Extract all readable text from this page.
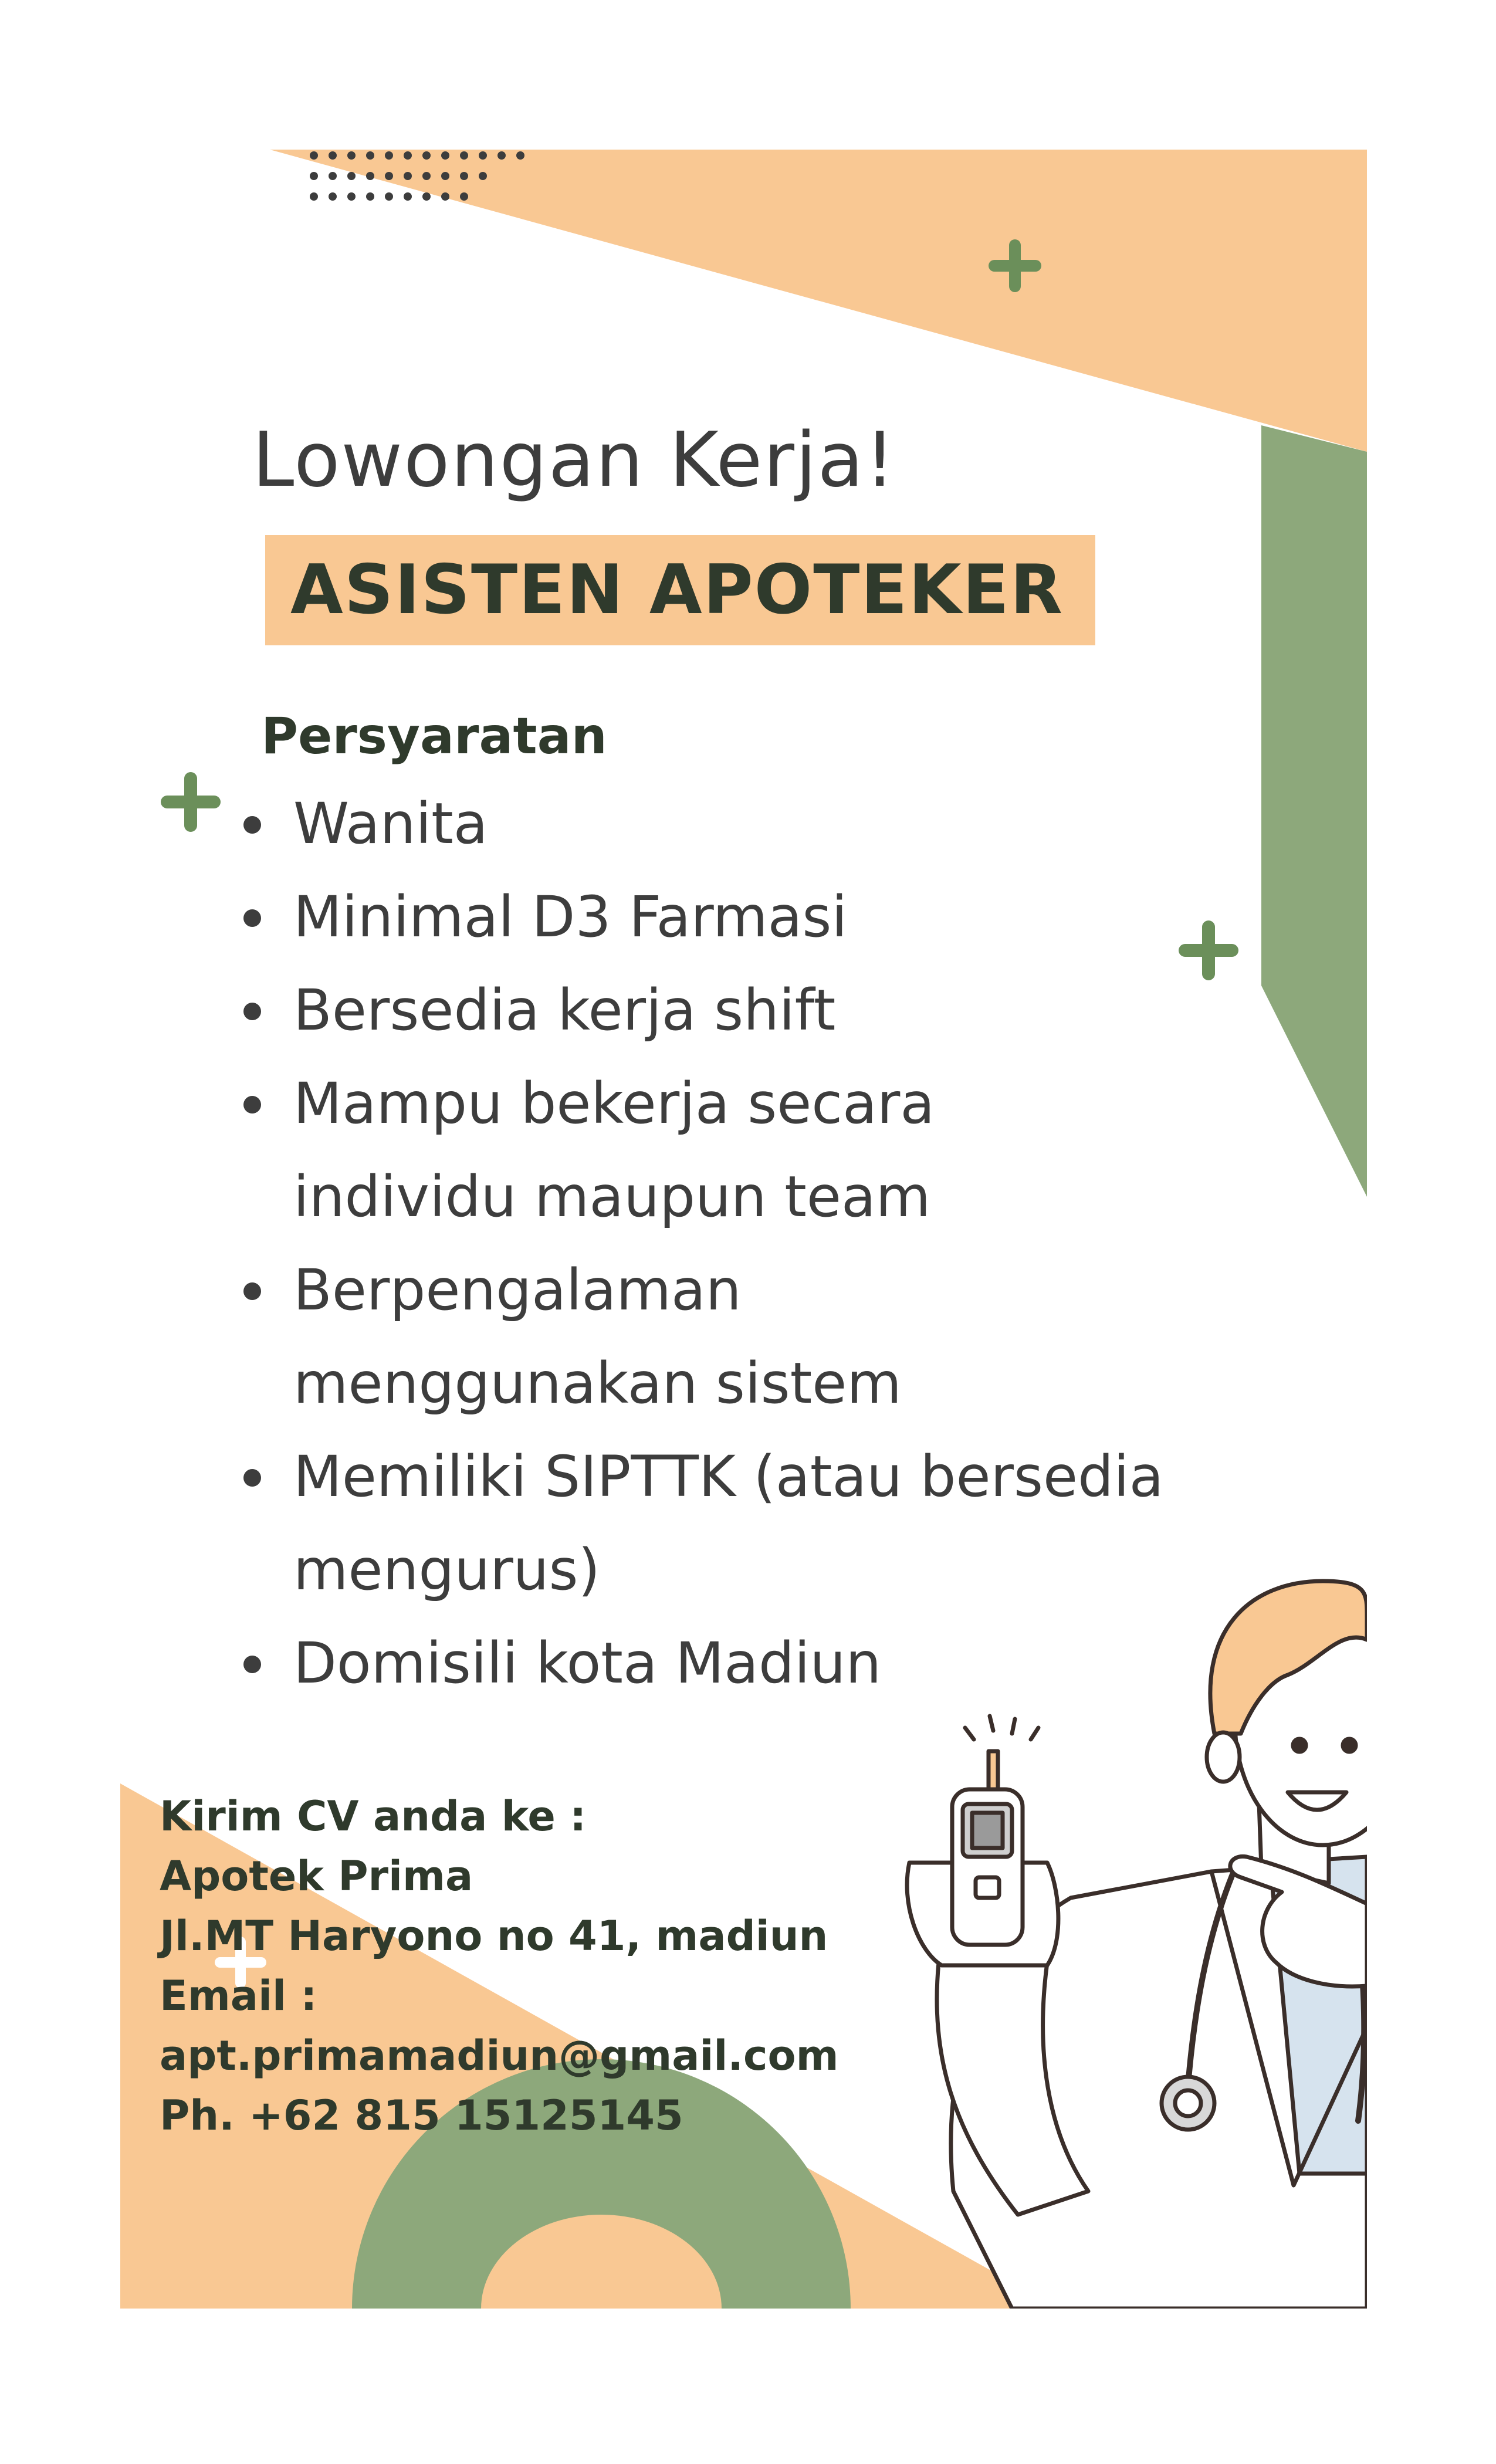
Lowongan Kerja!
ASISTEN APOTEKER
Persyaratan
Wanita
Minimal D3 Farmasi
Bersedia kerja shift
Mampu bekerja secara individu maupun team
Berpengalaman menggunakan sistem
Memiliki SIPTTK (atau bersedia mengurus)
Domisili kota Madiun
Kirim CV anda ke :
Apotek Prima
Jl.MT Haryono no 41, madiun
Email :
apt.primamadiun@gmail.com
Ph. +62 815 15125145
